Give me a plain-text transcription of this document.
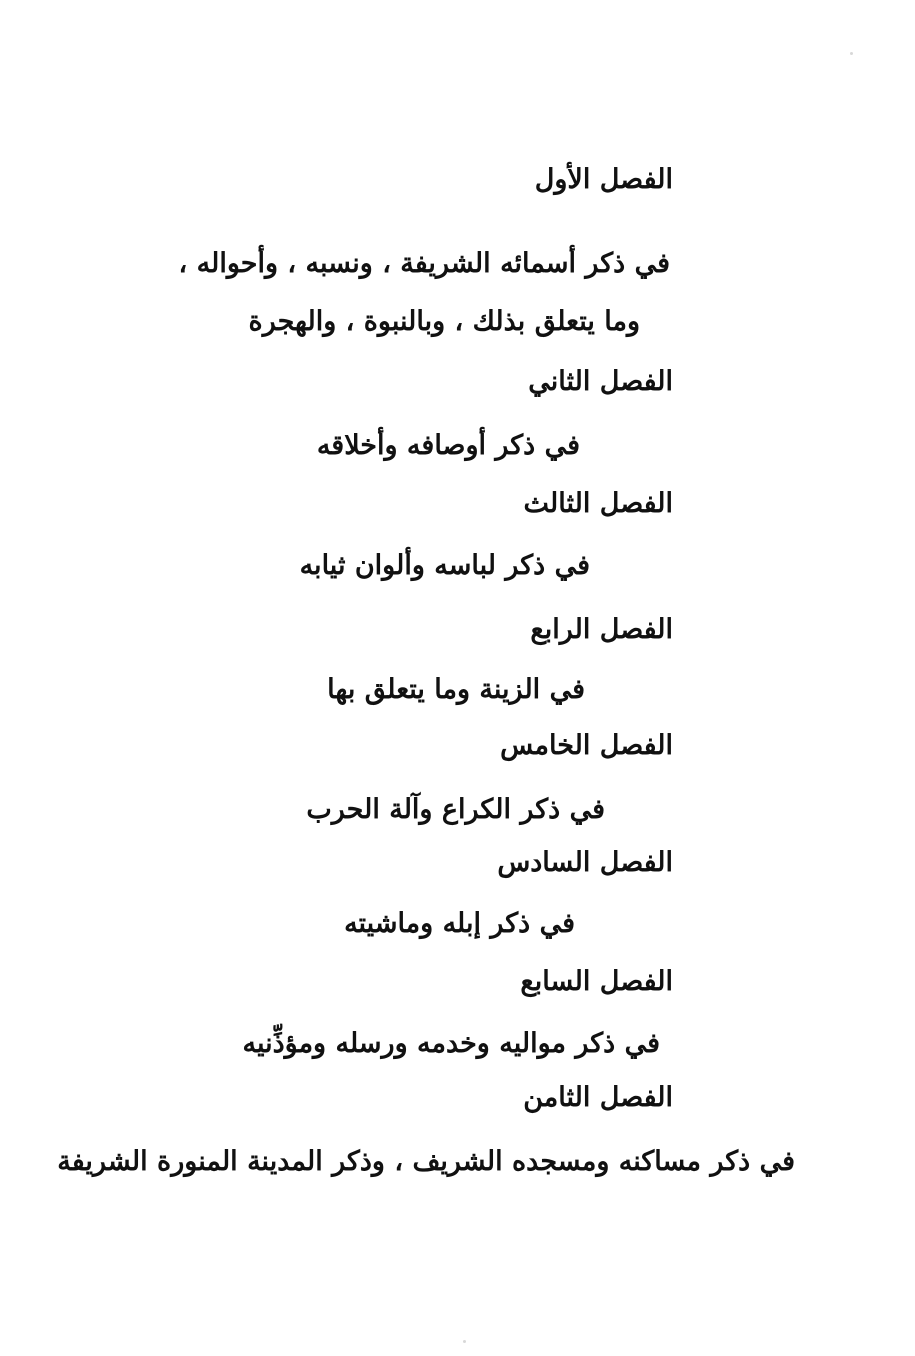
الفصل الأول
في ذكر أسمائه الشريفة ، ونسبه ، وأحواله ،
وما يتعلق بذلك ، وبالنبوة ، والهجرة
الفصل الثاني
في ذكر أوصافه وأخلاقه
الفصل الثالث
في ذكر لباسه وألوان ثيابه
الفصل الرابع
في الزينة وما يتعلق بها
الفصل الخامس
في ذكر الكراع وآلة الحرب
الفصل السادس
في ذكر إبله وماشيته
الفصل السابع
في ذكر مواليه وخدمه ورسله ومؤذِّنيه
الفصل الثامن
في ذكر مساكنه ومسجده الشريف ، وذكر المدينة المنورة الشريفة
